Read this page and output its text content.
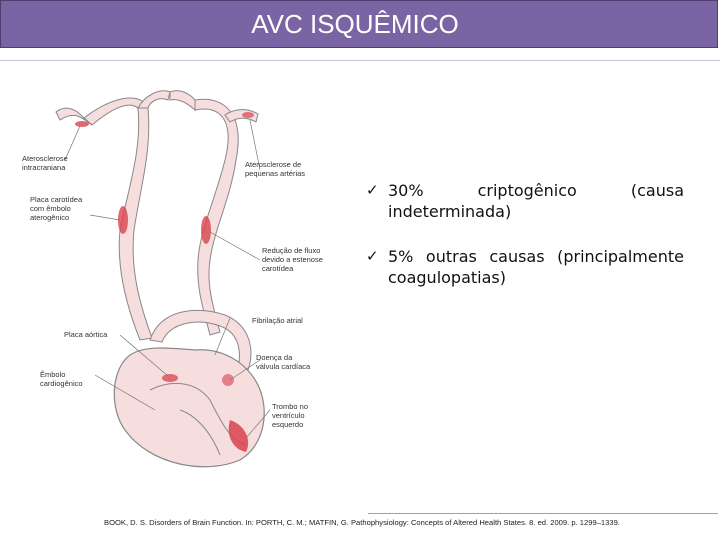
AVC ISQUÊMICO
Aterosclerose intracraniana
Placa carotídea com êmbolo aterogênico
Aterosclerose de pequenas artérias
Redução de fluxo devido a estenose carotídea
Fibrilação atrial
Placa aórtica
Doença da válvula cardíaca
Êmbolo cardiogênico
Trombo no ventrículo esquerdo
✓ 30% criptogênico (causa indeterminada)
✓ 5% outras causas (principalmente coagulopatias)
BOOK, D. S. Disorders of Brain Function. In: PORTH, C. M.; MATFIN, G. Pathophysiology: Concepts of Altered Health States. 8. ed. 2009. p. 1299–1339.
